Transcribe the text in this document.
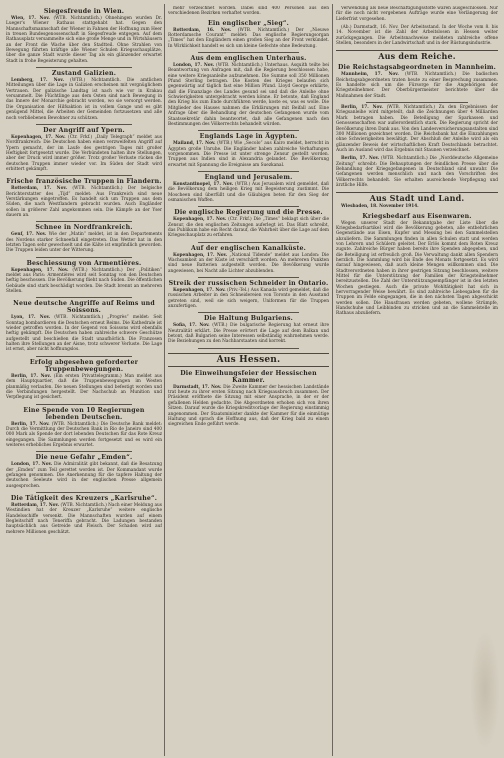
Siegesfreude in Wien.

Wien, 17. Nov. (WTB. Nichtamtlich.) Ohnehingen wurden Dr. Lueger's Wiener Rathaus stattgehabt hat. Gegen den Mannschaftsmannschaft der Wiener in Fahnen der Hoffnung zum Heer in treuen Bundesgenossenschaft in Siegesfreude entgegen. Auf dem Rathausplatz versammelte sich eine große Menge und in Wirtshäusern an der Front die Wache über den Stadtteil. Ohne Strahlen von Bewegung führten kräftige alle Wiener Schulen Kriegsschauplätze, über die ganze Stadt wurde dieser Tag als ein glänzender erwartet Stadt in frohe Begeisterung gehalten.

Zustand Galizien.

Lemberg, 17. Nov. (WTB.) Nichtamtlich. Die amtlichen Mitteilungen über die Lage in Galizien erscheinen mit vergnüglichem Vertrauen. Der galizische Landtag ist nach wie vor in Krakau versammelt. Die Flüchtlinge aus dem Osten sind nach Bewegung in das Innere der Monarchie gebracht worden, wo sie versorgt werden. Die Organisation der Hilfsaktion ist in vollem Gange und es gibt genügend Mittel, die Arbeiten der Gemeinden fortzusetzen und alle noch verbliebenen Bewohner zu schützen.

Der Angriff auf Ypern.

Kopenhagen, 17. Nov. (Ctr. Frkf.) „Daily Telegraph“ meldet aus Nordfrankreich: Die Deutschen haben einen verzweifelten Angriff auf Ypern gemacht, der im Laufe des gestrigen Tages mit großer Heftigkeit fortgesetzt wurde. Die Verbündeten halten ihre Stellungen, aber der Druck wird immer größer. Trotz großer Verluste rücken die deutschen Truppen immer wieder vor. Im Süden der Stadt wird erbittert gekämpft.

Frische französische Truppen in Flandern.

Rotterdam, 17. Nov. (WTB. Nichtamtlich.) Der belgische Berichterstatter des „Tijd“ meldet: Aus Frankreich sind neue Verstärkungen eingetroffen. Es handelt sich um Truppen aus dem Süden, die nach Westflandern gebracht wurden. Auch Engländer sollen in größerer Zahl angekommen sein. Die Kämpfe an der Yser dauern an.

Schnee in Nordfrankreich.

Genf, 17. Nov. Wie der „Matin“ meldet, ist in den Departements des Nordens starker Schneefall eingetreten. Das Wetter hat in den letzten Tagen sehr gewechselt und die Kälte ist empfindlich geworden. Die Truppen leiden unter der Witterung.

Beschiessung von Armentières.

Kopenhagen, 17. Nov. (WTB.) Nichtamtlich.) Der „Politiken“ meldet aus Paris: Armentières wird seit Sonntag von den Deutschen heftig beschossen. Die Bevölkerung flieht nach Süden. Die öffentlichen Gebäude sind stark beschädigt worden. Die Stadt brennt an mehreren Stellen.

Neue deutsche Angriffe auf Reims und Soissons.

Lyon, 17. Nov. (WTB. Nichtamtlich.) „Progrès“ meldet: Seit Sonntag bombardieren die Deutschen erneut Reims. Die Kathedrale ist wieder getroffen worden. In der Gegend von Soissons wird ebenfalls heftig gekämpft. Die Deutschen haben zahlreiche schwere Geschütze aufgestellt und beschießen die Stadt unaufhörlich. Die Franzosen halten ihre Stellungen an der Aisne, trotz schwerer Verluste. Die Lage ist ernst, aber nicht hoffnungslos.

Erfolg abgesehen geforderter Truppenbewegungen.

Berlin, 17. Nov. (Ein ersten Privattelegramm.) Man meldet aus dem Hauptquartier, daß die Truppenbewegungen im Westen planmäßig verlaufen. Die neuen Stellungen sind befestigt worden und die Verbindungen hergestellt. Der Nachschub an Munition und Verpflegung ist gesichert.

Eine Spende von 10 Regierungen lebenden Deutschen.

Berlin, 17. Nov. (WTB. Nichtamtlich.) Die Deutsche Bank meldet: Durch die Vermittlung der Deutschen Bank in Rio de Janeiro sind 400 000 Mark als Spende der dort lebenden Deutschen für das Rote Kreuz eingegangen. Die Sammlungen werden fortgesetzt und es wird ein weiteres erhebliches Ergebnis erwartet.

Die neue Gefahr „Emden“.

London, 17. Nov. Die Admiralität gibt bekannt, daß die Besatzung der „Emden“ zum Teil gerettet worden ist. Der Kommandant wurde gefangen genommen. Die Anerkennung für die tapfere Haltung der deutschen Seeleute wird in der englischen Presse allgemein ausgesprochen.

Die Tätigkeit des Kreuzers „Karlsruhe“.

Rotterdam, 17. Nov. (WTB. Nichtamtlich.) Nach einer Meldung aus Westindien hat der Kreuzer „Karlsruhe“ weitere englische Handelsschiffe versenkt. Die Mannschaften wurden auf einem Begleitschiff nach Teneriffa gebracht. Die Ladungen bestanden hauptsächlich aus Getreide und Fleisch. Der Schaden wird auf mehrere Millionen geschätzt.

mehr verzeichnet worden. Dabei sind 400 Personen aus den verschiedenen Bezirken verhaftet worden.

Ein englischer „Sieg“.

Rotterdam, 16. Nov. (WTB. Nichtamtlich.) Der „Nieuwe Rotterdamsche Courant“ meldet: Das englische Regierungsorgan „Times“ hat den Engländern einen großen Sieg an der Front verkündet. In Wirklichkeit handelt es sich um kleine Gefechte ohne Bedeutung.

Aus dem englischen Unterhaus.

London, 17. Nov. (WTB. Nichtamtlich.) Unterhaus. Asquith teilte bei Beantwortung von Anfragen mit, daß die Regierung beschlossen habe, eine weitere Kriegsanleihe aufzunehmen. Die Summe soll 350 Millionen Pfund Sterling betragen. Die Kosten des Krieges belaufen sich gegenwärtig auf täglich fast eine Million Pfund. Lloyd George erklärte, daß die Finanzlage des Landes gesund sei und daß die Anleihe ohne Schwierigkeiten untergebracht werden könne. Er betonte, daß England den Krieg bis zum Ende durchführen werde, koste es, was es wolle. Die Mitglieder des Hauses nahmen die Erklärungen mit Beifall auf. Eine Anfrage über die Behandlung der deutschen Gefangenen wurde vom Staatssekretär dahin beantwortet, daß alle Gefangenen nach den Bestimmungen des Völkerrechts behandelt würden.

Englands Lage in Ägypten.

Mailand, 17. Nov. (WTB.) Wie „Secolo“ aus Kairo meldet, herrscht in Ägypten große Unruhe. Die Engländer haben zahlreiche Verhaftungen vorgenommen. Die Presse ist unter strenge Zensur gestellt worden. Truppen aus Indien sind in Alexandria gelandet. Die Bevölkerung erwartet mit Spannung die Ereignisse am Suezkanal.

England und Jerusalem.

Konstantinopel, 17. Nov. (WTB.) Aus Jerusalem wird gemeldet, daß die Bevölkerung dem heiligen Krieg mit Begeisterung zustimmt. Die Moscheen sind überfüllt und die Gläubigen beten für den Sieg der osmanischen Waffen.

Die englische Regierung und die Presse.

Kopenhagen, 17. Nov. (Ctr. Frkf.) Die „Times“ beklagt sich über die Zensur, die den englischen Zeitungen auferlegt ist. Das Blatt schreibt, das Publikum habe ein Recht darauf, die Wahrheit über die Lage auf dem Kriegsschauplatz zu erfahren.

Auf der englischen Kanalküste.

Kopenhagen, 17. Nov. „National Tidende“ meldet aus London: Die Wachsamkeit an der Küste ist verschärft worden. An mehreren Punkten sind neue Batterien aufgestellt worden. Die Bevölkerung wurde angewiesen, bei Nacht alle Lichter abzublenden.

Streik der russischen Schneider in Ontario.

Kopenhagen, 17. Nov. (Priv.-Tel.) Aus Kanada wird gemeldet, daß die russischen Arbeiter in den Schneidereien von Toronto in den Ausstand getreten sind, weil sie sich weigern, Uniformen für die Truppen anzufertigen.

Die Haltung Bulgariens.

Sofia, 17. Nov. (WTB.) Die bulgarische Regierung hat erneut ihre Neutralität erklärt. Die Presse erörtert die Lage auf dem Balkan und betont, daß Bulgarien seine Interessen selbständig wahrnehmen werde. Die Beziehungen zu den Nachbarstaaten sind korrekt.

Aus Hessen.
Die Einweihungsfeier der Hessischen Kammer.

Darmstadt, 17. Nov. Die Zweite Kammer der hessischen Landstände trat heute zu ihrer ersten Sitzung nach Kriegsausbruch zusammen. Der Präsident eröffnete die Sitzung mit einer Ansprache, in der er der gefallenen Helden gedachte. Die Abgeordneten erhoben sich von ihren Sitzen. Darauf wurde die Kriegskreditvorlage der Regierung einstimmig angenommen. Der Staatsminister dankte der Kammer für die einmütige Haltung und sprach die Hoffnung aus, daß der Krieg bald zu einem siegreichen Ende geführt werde.

Verwendung als neue Beschäftigungsstoffe waren ausgeschlossen. Nur für die noch nicht vergebenen Aufträge wurde eine Verlängerung der Lieferfrist vorgesehen.

(Ab.) Darmstadt, 16. Nov. Der Arbeitsstand. In der Woche vom 8. bis 14. November ist die Zahl der Arbeitslosen in Hessen weiter zurückgegangen. Die Arbeitsnachweise meldeten zahlreiche offene Stellen, besonders in der Landwirtschaft und in der Rüstungsindustrie.

Aus dem Reiche.
Die Reichstagsabgeordneten in Mannheim.

Mannheim, 17. Nov. (WTB. Nichtamtlich.) Die badischen Reichstagsabgeordneten traten heute zu einer Besprechung zusammen. Es handelte sich um die Fürsorge für die Angehörigen der Kriegsteilnehmer. Der Oberbürgermeister berichtete über die Maßnahmen der Stadt.

Berlin, 17. Nov. (WTB. Nichtamtlich.) Zu den Ergebnissen der Kriegsanleihe wird mitgeteilt, daß die Zeichnungen über 4 Milliarden Mark betragen haben. Die Beteiligung der Sparkassen und Genossenschaften war außerordentlich stark. Die Regierung spricht der Bevölkerung ihren Dank aus. Von den Landesversicherungsanstalten sind 300 Millionen gezeichnet worden. Die Reichsbank hat die Einzahlungen ohne Schwierigkeiten bewältigt. Der Abschluß der Anleihe wird als ein glänzender Beweis der wirtschaftlichen Kraft Deutschlands betrachtet. Auch im Ausland wird das Ergebnis mit Staunen verzeichnet.

Berlin, 17. Nov. (WTB. Nichtamtlich.) Die „Norddeutsche Allgemeine Zeitung“ schreibt: Die Behauptungen der feindlichen Presse über die Behandlung der Kriegsgefangenen in Deutschland sind unwahr. Die Gefangenen werden menschlich und nach den Vorschriften des Völkerrechts behandelt. Sie erhalten ausreichende Verpflegung und ärztliche Hilfe.

Aus Stadt und Land.

Wiesbaden, 18. November 1914.

Kriegsbedarf aus Eisenwaren.

Wegen unserer Stadt der Bekanntgabe der Liste über die Kriegsbedarfsartikel wird die Bevölkerung gebeten, alle entbehrlichen Gegenstände aus Eisen, Kupfer und Messing bei den Sammelstellen abzuliefern. Die Sammlungen finden in allen Schulen statt und werden von Lehrern und Schülern geleitet. Der Erlös kommt dem Roten Kreuz zugute. Zahlreiche Bürger haben bereits ihre Spenden abgegeben, und die Beteiligung ist erfreulich groß. Die Verwaltung dankt allen Spendern herzlich. Die Sammlung wird bis Ende des Monats fortgesetzt. Es wird darauf hingewiesen, daß auch kleine Mengen willkommen sind. Die Stadtverordneten haben in ihrer gestrigen Sitzung beschlossen, weitere Mittel für die Unterstützung der Familien der Kriegsteilnehmer bereitzustellen. Die Zahl der Unterstützungsempfänger ist in den letzten Wochen gestiegen. Auch die private Wohltätigkeit hat sich in hervorragender Weise bewährt. Es sind zahlreiche Liebesgaben für die Truppen im Felde eingegangen, die in den nächsten Tagen abgeschickt werden sollen. Die Hausfrauen werden gebeten, wollene Strümpfe, Handschuhe und Leibbinden zu stricken und an die Sammelstelle im Rathaus abzuliefern.
